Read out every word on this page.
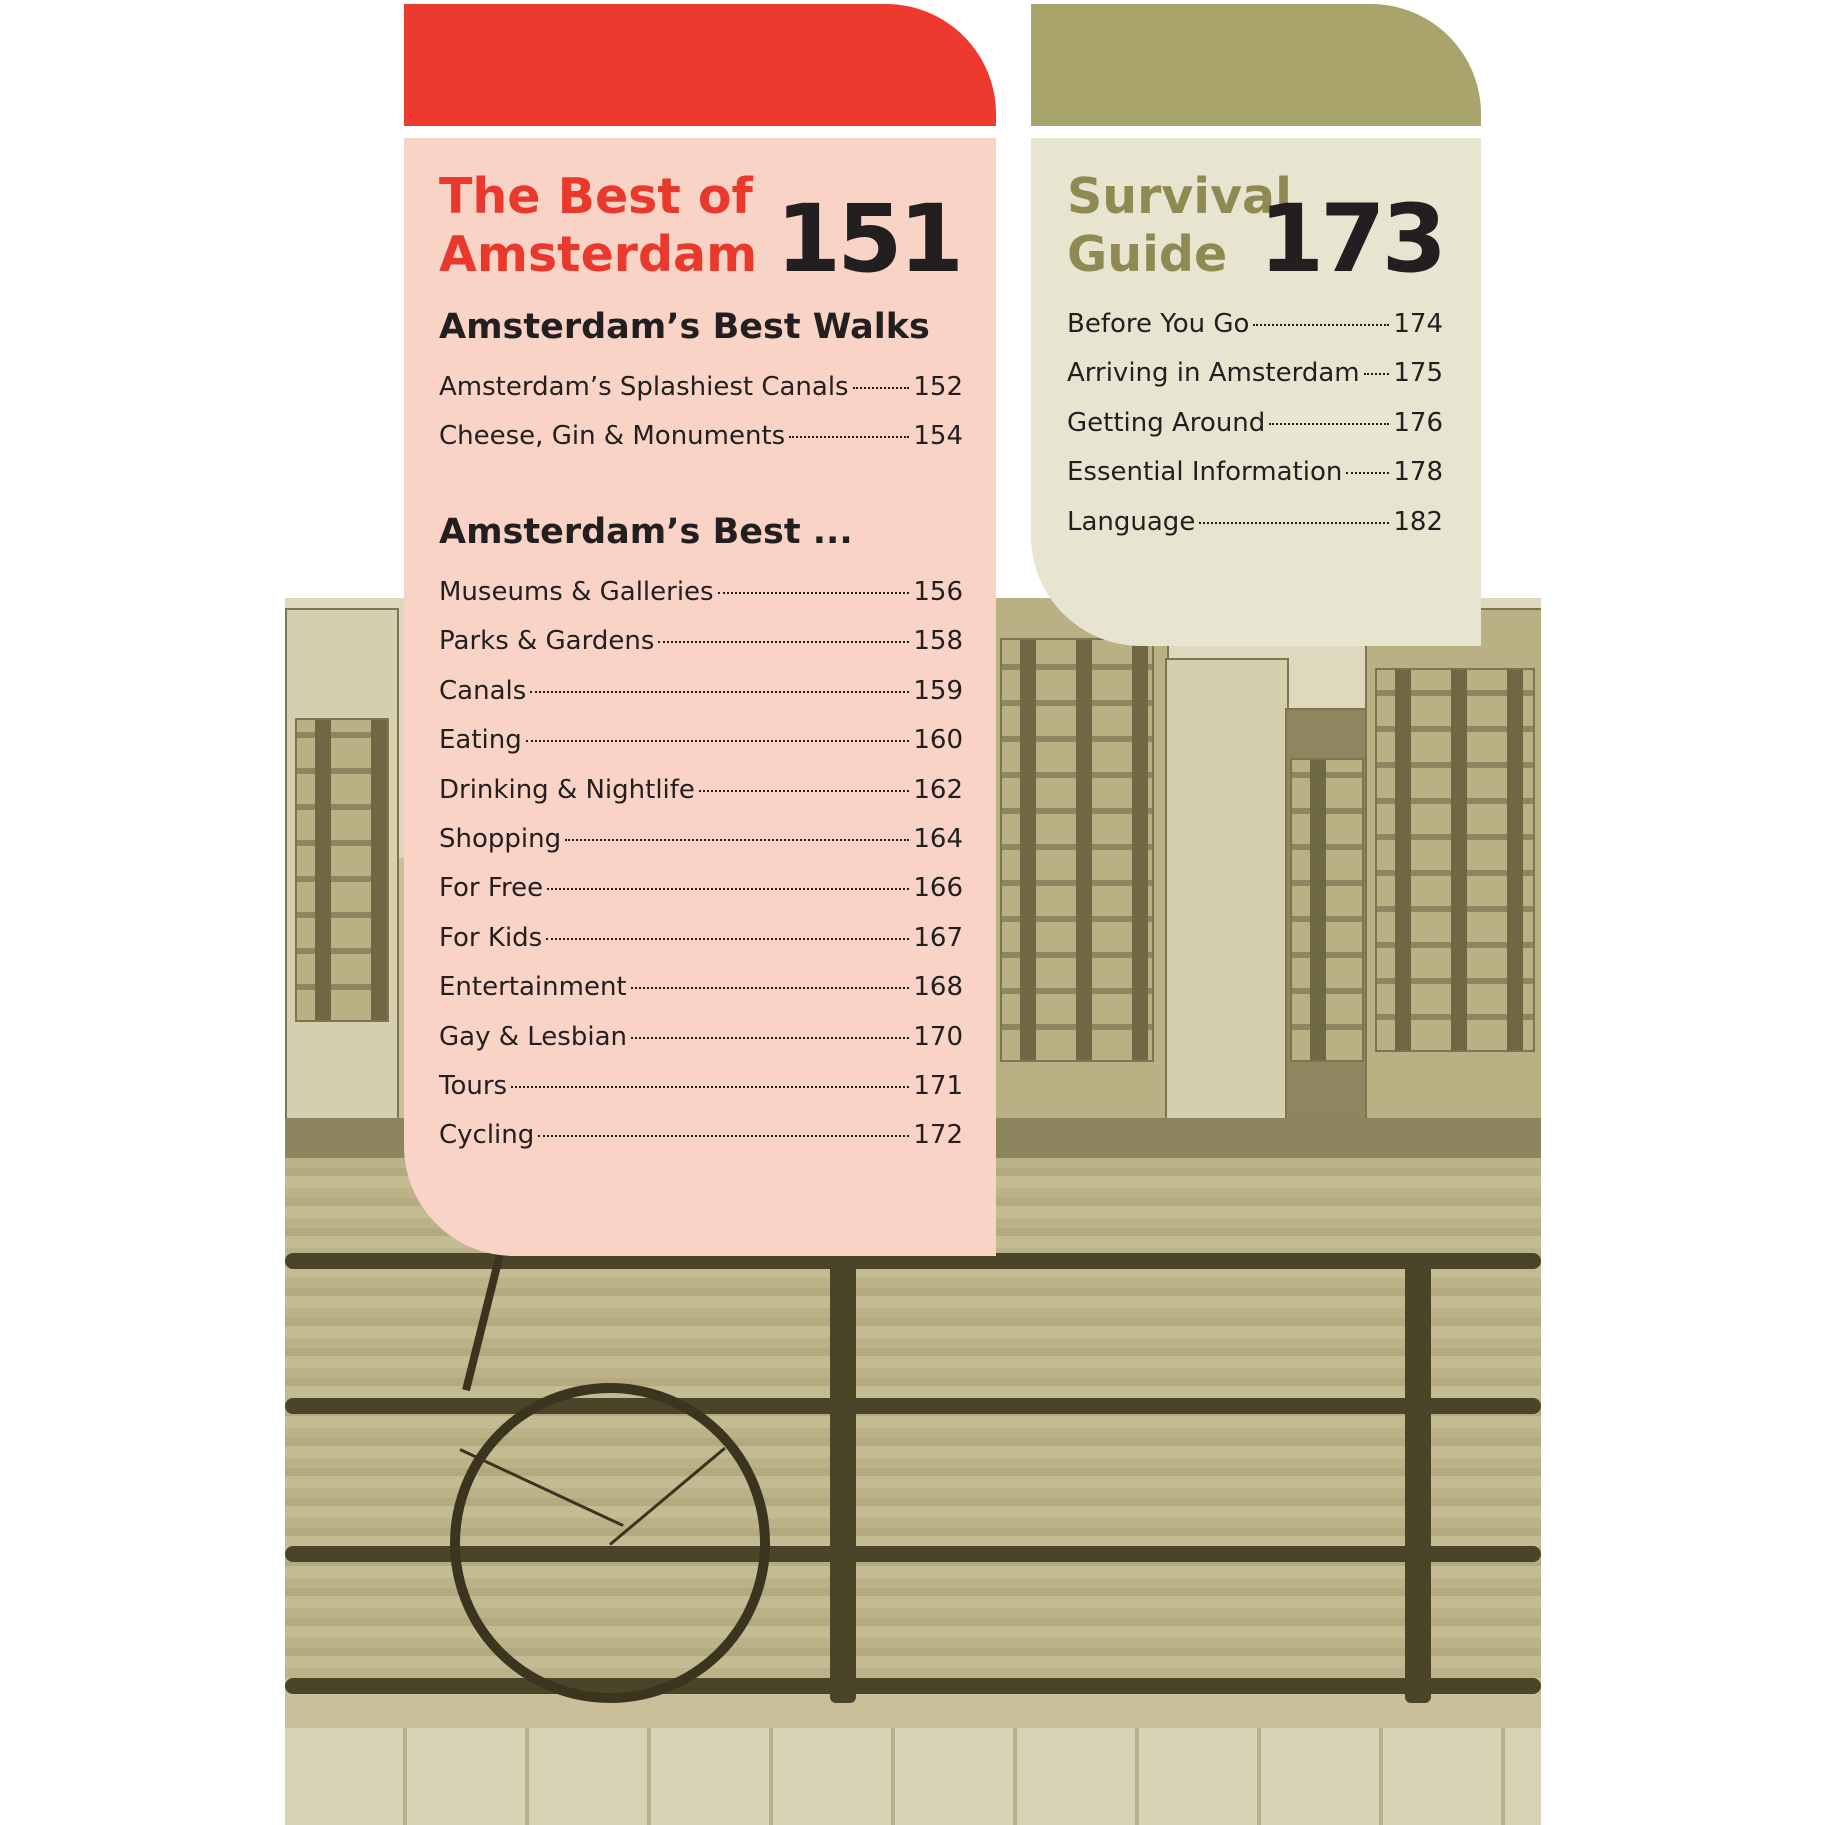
The Best of
Amsterdam 151
Amsterdam’s Best Walks
Amsterdam’s Splashiest Canals 152
Cheese, Gin & Monuments	154
Amsterdam’s Best ...
Museums & Galleries	156
Parks & Gardens	158
Canals	159
Eating	160
Drinking & Nightlife	162
Shopping	164
For Free	166
For Kids	167
Entertainment	168
Gay & Lesbian	170
Tours	171
Cycling	172
Survival
Guide 173
Before You Go	174
Arriving in Amsterdam 175
Getting Around	176
Essential Information 178
Language	182
